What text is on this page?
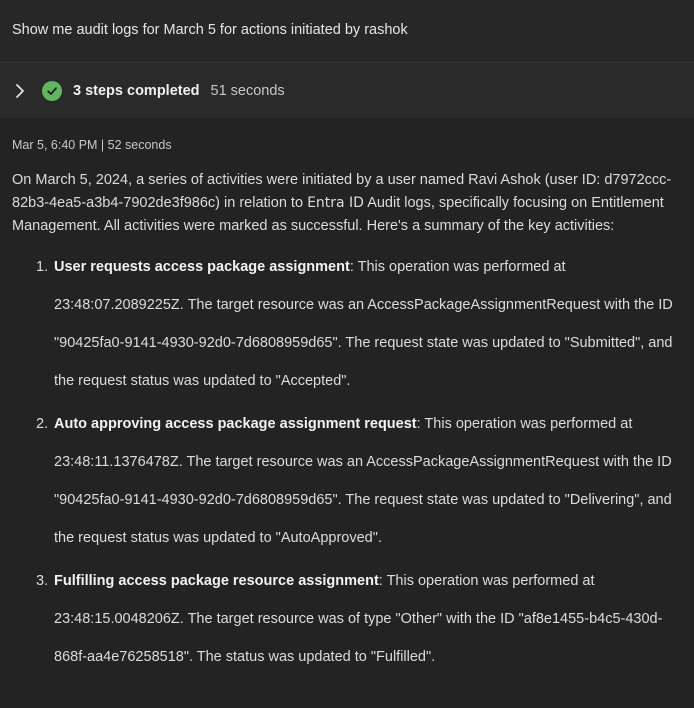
Show me audit logs for March 5 for actions initiated by rashok
3 steps completed 51 seconds
Mar 5, 6:40 PM | 52 seconds

On March 5, 2024, a series of activities were initiated by a user named Ravi Ashok (user ID: d7972ccc-82b3-4ea5-a3b4-7902de3f986c) in relation to Entra ID Audit logs, specifically focusing on Entitlement Management. All activities were marked as successful. Here's a summary of the key activities:

1. User requests access package assignment: This operation was performed at 23:48:07.2089225Z. The target resource was an AccessPackageAssignmentRequest with the ID "90425fa0-9141-4930-92d0-7d6808959d65". The request state was updated to "Submitted", and the request status was updated to "Accepted".
2. Auto approving access package assignment request: This operation was performed at 23:48:11.1376478Z. The target resource was an AccessPackageAssignmentRequest with the ID "90425fa0-9141-4930-92d0-7d6808959d65". The request state was updated to "Delivering", and the request status was updated to "AutoApproved".
3. Fulfilling access package resource assignment: This operation was performed at 23:48:15.0048206Z. The target resource was of type "Other" with the ID "af8e1455-b4c5-430d-868f-aa4e76258518". The status was updated to "Fulfilled".
